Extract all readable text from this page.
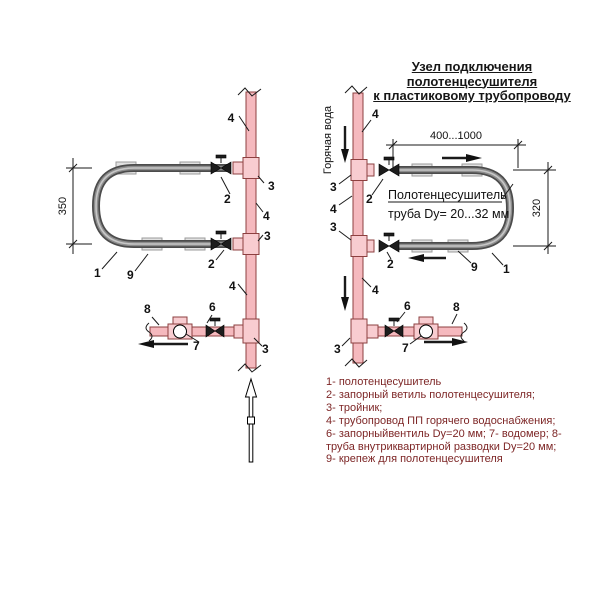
350
4
3
2
4
3
2
1 9
4
8	6
7	3
Горячая вода	400...1000
320
Полотенцесушитель
труба Dy= 20...32 мм
4
3
2
4
3
2	9 1
4
6
7
8
3
Узел подключения
полотенцесушителя
к пластиковому трубопроводу
1- полотенцесушитель
2- запорный ветиль полотенцесушителя;
3- тройник;
4- трубопровод ПП горячего водоснабжения;
6- запорныйвентиль Dy=20 мм; 7- водомер; 8-
труба внутриквартирной разводки Dy=20 мм;
9- крепеж для полотенцесушителя
